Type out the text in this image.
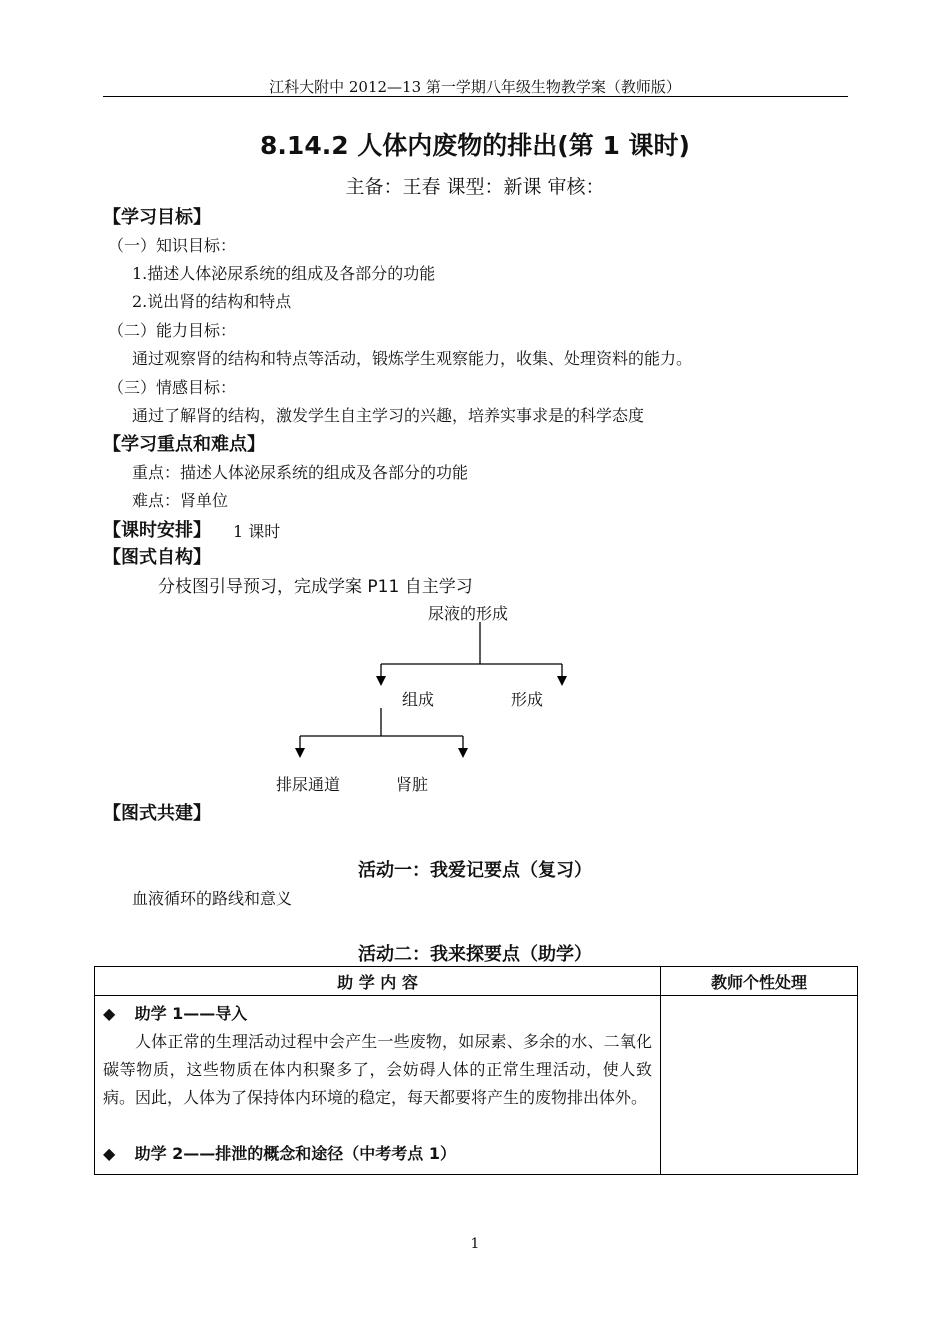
江科大附中 2012—13 第一学期八年级生物教学案（教师版）
8.14.2 人体内废物的排出(第 1 课时)
主备：王春 课型：新课 审核：
【学习目标】
（一）知识目标：
1.描述人体泌尿系统的组成及各部分的功能
2.说出肾的结构和特点
（二）能力目标：
通过观察肾的结构和特点等活动，锻炼学生观察能力，收集、处理资料的能力。
（三）情感目标：
通过了解肾的结构，激发学生自主学习的兴趣，培养实事求是的科学态度
【学习重点和难点】
重点：描述人体泌尿系统的组成及各部分的功能
难点：肾单位
【课时安排】 1 课时
【图式自构】
分枝图引导预习，完成学案 P11 自主学习
尿液的形成
组成	形成
排尿通道	肾脏
【图式共建】
活动一：我爱记要点（复习）
血液循环的路线和意义
活动二：我来探要点（助学）
助 学 内 容	教师个性处理

◆ 助学 1——导入
人体正常的生理活动过程中会产生一些废物，如尿素、多余的水、二氧化碳等物质，这些物质在体内积聚多了，会妨碍人体的正常生理活动，使人致病。因此，人体为了保持体内环境的稳定，每天都要将产生的废物排出体外。
◆ 助学 2——排泄的概念和途径（中考考点 1）	

1
